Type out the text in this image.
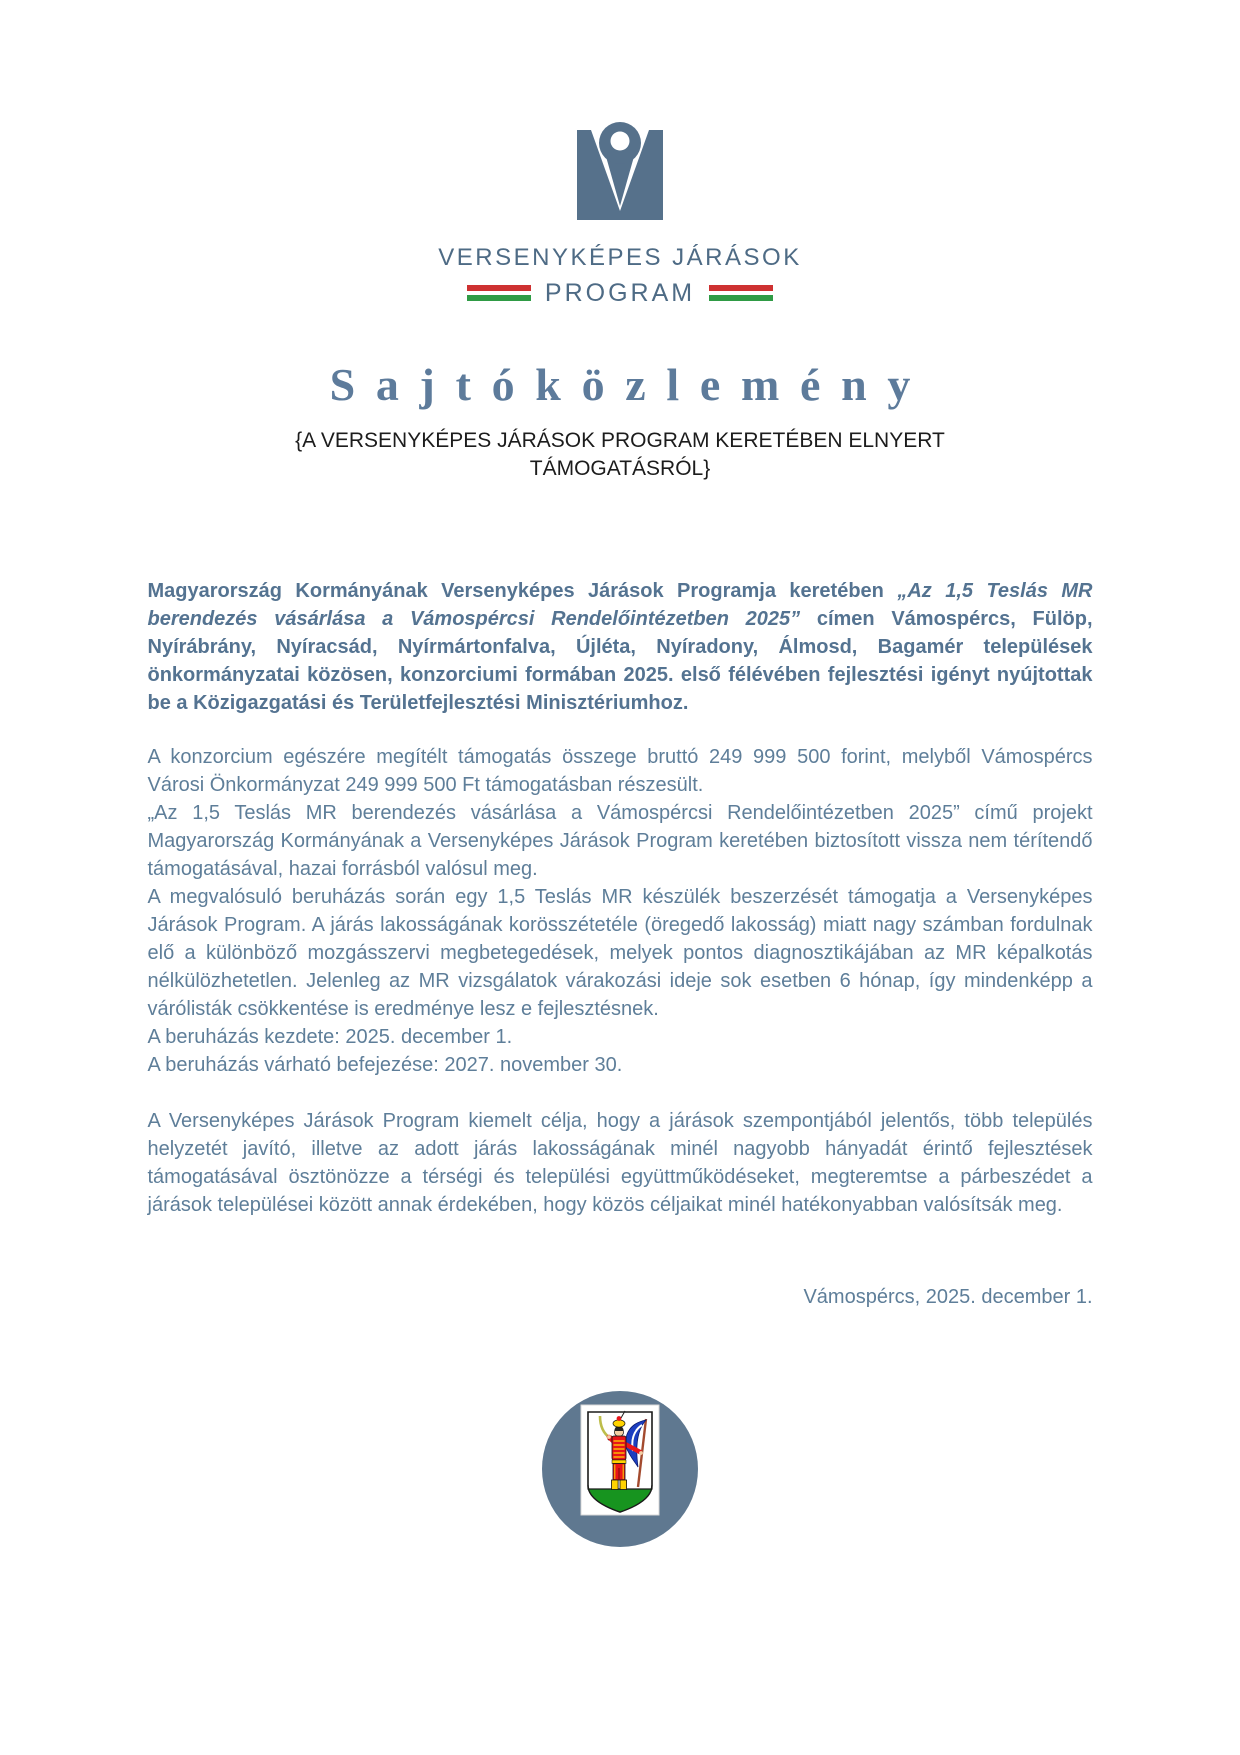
VERSENYKÉPES JÁRÁSOK
PROGRAM
Sajtóközlemény
{A VERSENYKÉPES JÁRÁSOK PROGRAM KERETÉBEN ELNYERT TÁMOGATÁSRÓL}

Magyarország Kormányának Versenyképes Járások Programja keretében „Az 1,5 Teslás MR berendezés vásárlása a Vámospércsi Rendelőintézetben 2025” címen Vámospércs, Fülöp, Nyírábrány, Nyíracsád, Nyírmártonfalva, Újléta, Nyíradony, Álmosd, Bagamér települések önkormányzatai közösen, konzorciumi formában 2025. első félévében fejlesztési igényt nyújtottak be a Közigazgatási és Területfejlesztési Minisztériumhoz.

A konzorcium egészére megítélt támogatás összege bruttó 249 999 500 forint, melyből Vámospércs Városi Önkormányzat 249 999 500 Ft támogatásban részesült.

„Az 1,5 Teslás MR berendezés vásárlása a Vámospércsi Rendelőintézetben 2025” című projekt Magyarország Kormányának a Versenyképes Járások Program keretében biztosított vissza nem térítendő támogatásával, hazai forrásból valósul meg.

A megvalósuló beruházás során egy 1,5 Teslás MR készülék beszerzését támogatja a Versenyképes Járások Program. A járás lakosságának korösszétetéle (öregedő lakosság) miatt nagy számban fordulnak elő a különböző mozgásszervi megbetegedések, melyek pontos diagnosztikájában az MR képalkotás nélkülözhetetlen. Jelenleg az MR vizsgálatok várakozási ideje sok esetben 6 hónap, így mindenképp a várólisták csökkentése is eredménye lesz e fejlesztésnek.

A beruházás kezdete: 2025. december 1.

A beruházás várható befejezése: 2027. november 30.

A Versenyképes Járások Program kiemelt célja, hogy a járások szempontjából jelentős, több település helyzetét javító, illetve az adott járás lakosságának minél nagyobb hányadát érintő fejlesztések támogatásával ösztönözze a térségi és települési együttműködéseket, megteremtse a párbeszédet a járások települései között annak érdekében, hogy közös céljaikat minél hatékonyabban valósítsák meg.

Vámospércs, 2025. december 1.
